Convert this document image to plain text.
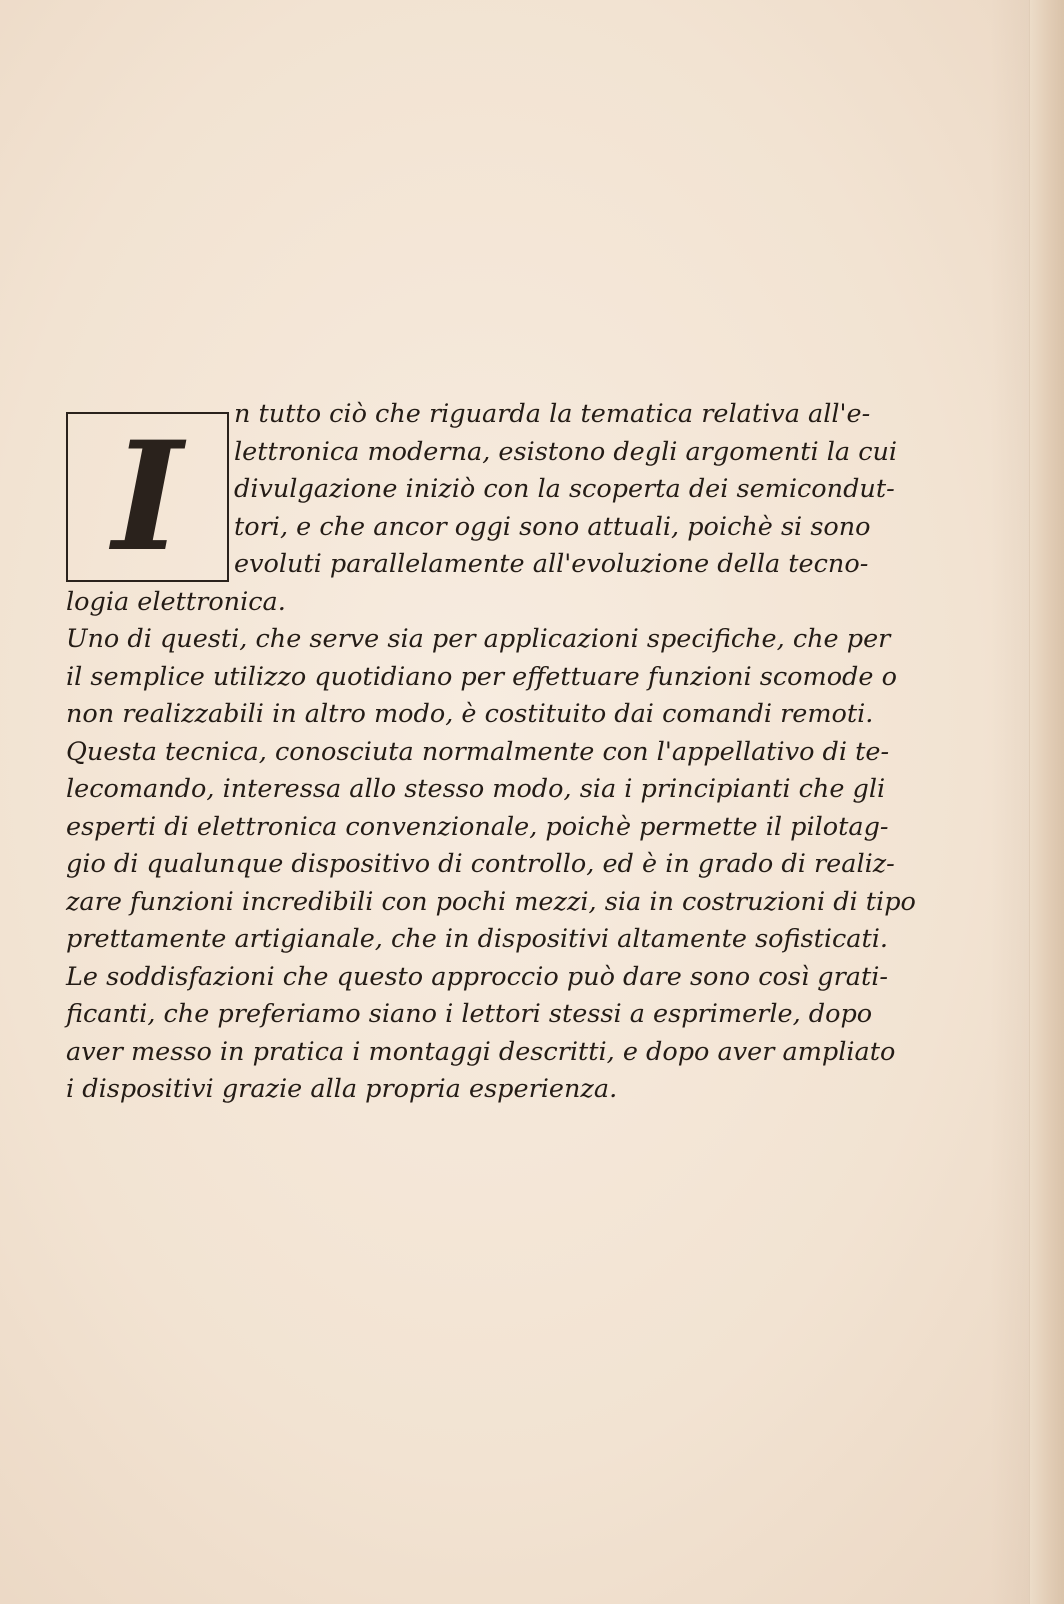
I	n tutto ciò che riguarda la tematica relativa all'e-
lettronica moderna, esistono degli argomenti la cui
divulgazione iniziò con la scoperta dei semicondut-
tori, e che ancor oggi sono attuali, poichè si sono
evoluti parallelamente all'evoluzione della tecno-
logia elettronica.
Uno di questi, che serve sia per applicazioni specifiche, che per
il semplice utilizzo quotidiano per effettuare funzioni scomode o
non realizzabili in altro modo, è costituito dai comandi remoti.
Questa tecnica, conosciuta normalmente con l'appellativo di te-
lecomando, interessa allo stesso modo, sia i principianti che gli
esperti di elettronica convenzionale, poichè permette il pilotag-
gio di qualunque dispositivo di controllo, ed è in grado di realiz-
zare funzioni incredibili con pochi mezzi, sia in costruzioni di tipo
prettamente artigianale, che in dispositivi altamente sofisticati.
Le soddisfazioni che questo approccio può dare sono così grati-
ficanti, che preferiamo siano i lettori stessi a esprimerle, dopo
aver messo in pratica i montaggi descritti, e dopo aver ampliato
i dispositivi grazie alla propria esperienza.
